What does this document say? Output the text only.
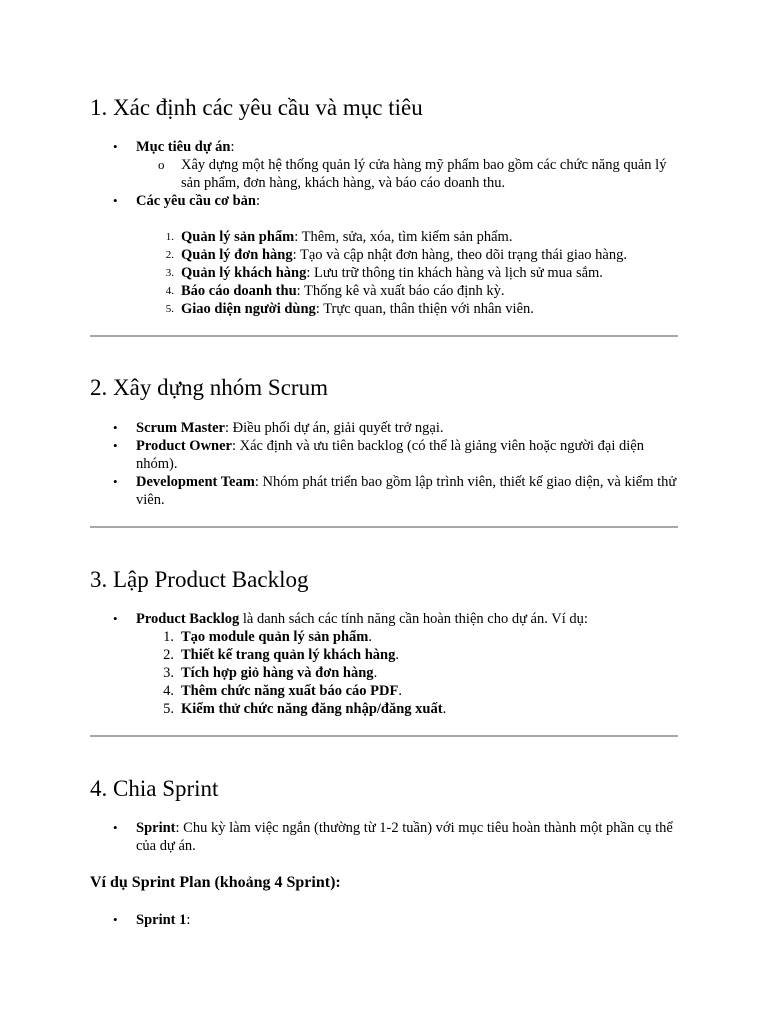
1. Xác định các yêu cầu và mục tiêu
• Mục tiêu dự án:
o Xây dựng một hệ thống quản lý cửa hàng mỹ phẩm bao gồm các chức năng quản lý sản phẩm, đơn hàng, khách hàng, và báo cáo doanh thu.
• Các yêu cầu cơ bản:
1. Quản lý sản phẩm: Thêm, sửa, xóa, tìm kiếm sản phẩm.
2. Quản lý đơn hàng: Tạo và cập nhật đơn hàng, theo dõi trạng thái giao hàng.
3. Quản lý khách hàng: Lưu trữ thông tin khách hàng và lịch sử mua sắm.
4. Báo cáo doanh thu: Thống kê và xuất báo cáo định kỳ.
5. Giao diện người dùng: Trực quan, thân thiện với nhân viên.
2. Xây dựng nhóm Scrum
• Scrum Master: Điều phối dự án, giải quyết trở ngại.
• Product Owner: Xác định và ưu tiên backlog (có thể là giảng viên hoặc người đại diện nhóm).
• Development Team: Nhóm phát triển bao gồm lập trình viên, thiết kế giao diện, và kiểm thử viên.
3. Lập Product Backlog
• Product Backlog là danh sách các tính năng cần hoàn thiện cho dự án. Ví dụ:
1. Tạo module quản lý sản phẩm.
2. Thiết kế trang quản lý khách hàng.
3. Tích hợp giỏ hàng và đơn hàng.
4. Thêm chức năng xuất báo cáo PDF.
5. Kiểm thử chức năng đăng nhập/đăng xuất.
4. Chia Sprint
• Sprint: Chu kỳ làm việc ngắn (thường từ 1-2 tuần) với mục tiêu hoàn thành một phần cụ thể của dự án.
Ví dụ Sprint Plan (khoảng 4 Sprint):
• Sprint 1:
